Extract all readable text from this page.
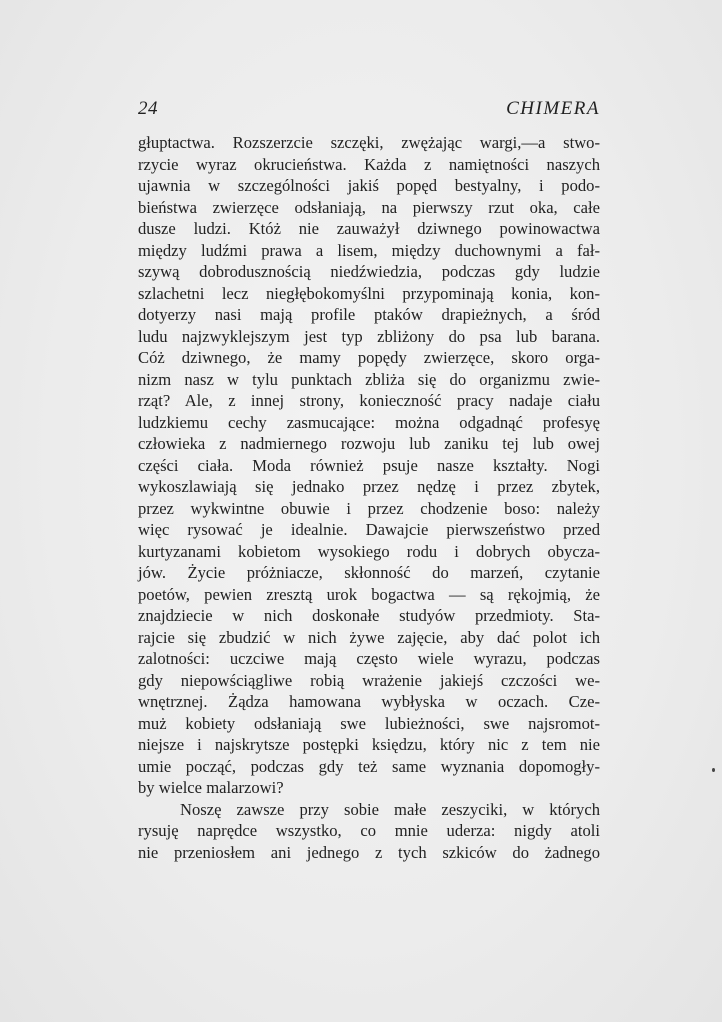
24	CHIMERA
głuptactwa. Rozszerzcie szczęki, zwężając wargi,—a stwo-
rzycie wyraz okrucieństwa. Każda z namiętności naszych
ujawnia w szczególności jakiś popęd bestyalny, i podo-
bieństwa zwierzęce odsłaniają, na pierwszy rzut oka, całe
dusze ludzi. Któż nie zauważył dziwnego powinowactwa
między ludźmi prawa a lisem, między duchownymi a fał-
szywą dobrodusznością niedźwiedzia, podczas gdy ludzie
szlachetni lecz niegłębokomyślni przypominają konia, kon-
dotyerzy nasi mają profile ptaków drapieżnych, a śród
ludu najzwyklejszym jest typ zbliżony do psa lub barana.
Cóż dziwnego, że mamy popędy zwierzęce, skoro orga-
nizm nasz w tylu punktach zbliża się do organizmu zwie-
rząt? Ale, z innej strony, konieczność pracy nadaje ciału
ludzkiemu cechy zasmucające: można odgadnąć profesyę
człowieka z nadmiernego rozwoju lub zaniku tej lub owej
części ciała. Moda również psuje nasze kształty. Nogi
wykoszlawiają się jednako przez nędzę i przez zbytek,
przez wykwintne obuwie i przez chodzenie boso: należy
więc rysować je idealnie. Dawajcie pierwszeństwo przed
kurtyzanami kobietom wysokiego rodu i dobrych obycza-
jów. Życie próżniacze, skłonność do marzeń, czytanie
poetów, pewien zresztą urok bogactwa — są rękojmią, że
znajdziecie w nich doskonałe studyów przedmioty. Sta-
rajcie się zbudzić w nich żywe zajęcie, aby dać polot ich
zalotności: uczciwe mają często wiele wyrazu, podczas
gdy niepowściągliwe robią wrażenie jakiejś czczości we-
wnętrznej. Żądza hamowana wybłyska w oczach. Cze-
muż kobiety odsłaniają swe lubieżności, swe najsromot-
niejsze i najskrytsze postępki księdzu, który nic z tem nie
umie począć, podczas gdy też same wyznania dopomogły-
by wielce malarzowi?
Noszę zawsze przy sobie małe zeszyciki, w których
rysuję naprędce wszystko, co mnie uderza: nigdy atoli
nie przeniosłem ani jednego z tych szkiców do żadnego
